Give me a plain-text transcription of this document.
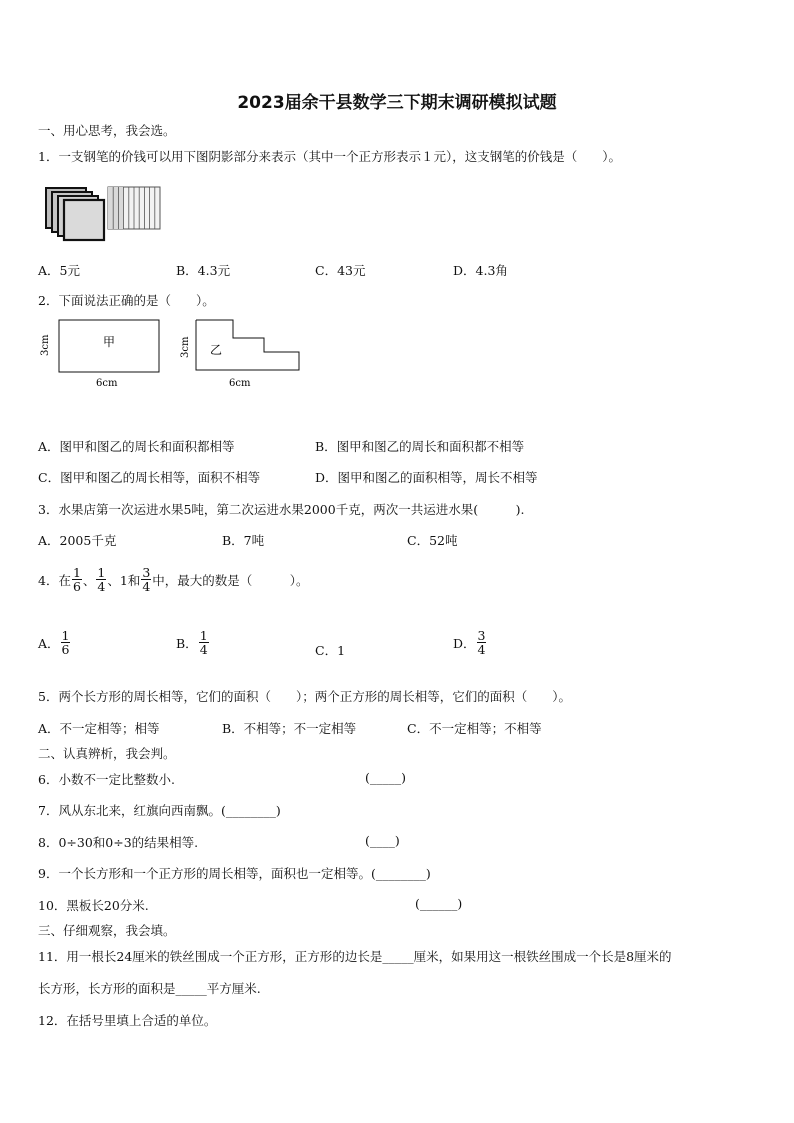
2023届余干县数学三下期末调研模拟试题
一、用心思考，我会选。
1．一支钢笔的价钱可以用下图阴影部分来表示（其中一个正方形表示１元），这支钢笔的价钱是（　　）。
A．5元	B．4.3元	C．43元	D．4.3角
2．下面说法正确的是（　　）。
甲
3cm
6cm
乙
3cm
6cm
A．图甲和图乙的周长和面积都相等	B．图甲和图乙的周长和面积都不相等
C．图甲和图乙的周长相等，面积不相等	D．图甲和图乙的面积相等，周长不相等
3．水果店第一次运进水果5吨，第二次运进水果2000千克，两次一共运进水果(　　　).
A．2005千克	B．7吨	C．52吨
4．在 $\frac{1}{6}$ 、 $\frac{1}{4}$ 、1和 $\frac{3}{4}$ 中，最大的数是（　　　）。
A． $\frac{1}{6}$	B． $\frac{1}{4}$	C．1	D． $\frac{3}{4}$
5．两个长方形的周长相等，它们的面积（　　）；两个正方形的周长相等，它们的面积（　　）。
A．不一定相等；相等	B．不相等；不一定相等	C．不一定相等；不相等
二、认真辨析，我会判。
6．小数不一定比整数小.	(_____)
7．风从东北来，红旗向西南飘。(________)
8．0÷30和0÷3的结果相等.	(____)
9．一个长方形和一个正方形的周长相等，面积也一定相等。(________)
10．黑板长20分米.	(______)
三、仔细观察，我会填。
11．用一根长24厘米的铁丝围成一个正方形，正方形的边长是_____厘米，如果用这一根铁丝围成一个长是8厘米的
长方形，长方形的面积是_____平方厘米.
12．在括号里填上合适的单位。
